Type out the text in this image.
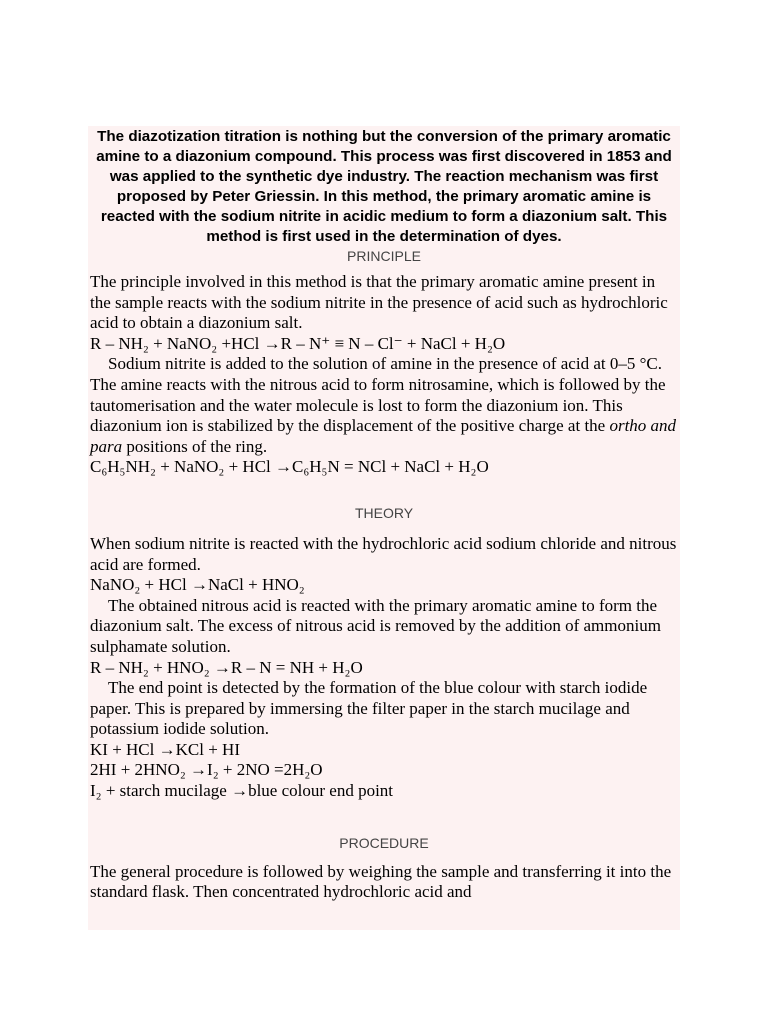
The diazotization titration is nothing but the conversion of the primary aromatic amine to a diazonium compound. This process was first discovered in 1853 and was applied to the synthetic dye industry. The reaction mechanism was first proposed by Peter Griessin. In this method, the primary aromatic amine is reacted with the sodium nitrite in acidic medium to form a diazonium salt. This method is first used in the determination of dyes.

PRINCIPLE

The principle involved in this method is that the primary aromatic amine present in the sample reacts with the sodium nitrite in the presence of acid such as hydrochloric acid to obtain a diazonium salt.

R – NH₂ + NaNO₂ +HCl →R – N⁺ ≡ N – Cl⁻ + NaCl + H₂O

Sodium nitrite is added to the solution of amine in the presence of acid at 0–5 °C. The amine reacts with the nitrous acid to form nitrosamine, which is followed by the tautomerisation and the water molecule is lost to form the diazonium ion. This diazonium ion is stabilized by the displacement of the positive charge at the ortho and para positions of the ring.

C₆H₅NH₂ + NaNO₂ + HCl →C₆H₅N = NCl + NaCl + H₂O

THEORY

When sodium nitrite is reacted with the hydrochloric acid sodium chloride and nitrous acid are formed.

NaNO₂ + HCl →NaCl + HNO₂

The obtained nitrous acid is reacted with the primary aromatic amine to form the diazonium salt. The excess of nitrous acid is removed by the addition of ammonium sulphamate solution.

R – NH₂ + HNO₂ →R – N = NH + H₂O

The end point is detected by the formation of the blue colour with starch iodide paper. This is prepared by immersing the filter paper in the starch mucilage and potassium iodide solution.

KI + HCl →KCl + HI

2HI + 2HNO₂ →I₂ + 2NO =2H₂O

I₂ + starch mucilage →blue colour end point

PROCEDURE

The general procedure is followed by weighing the sample and transferring it into the standard flask. Then concentrated hydrochloric acid and
